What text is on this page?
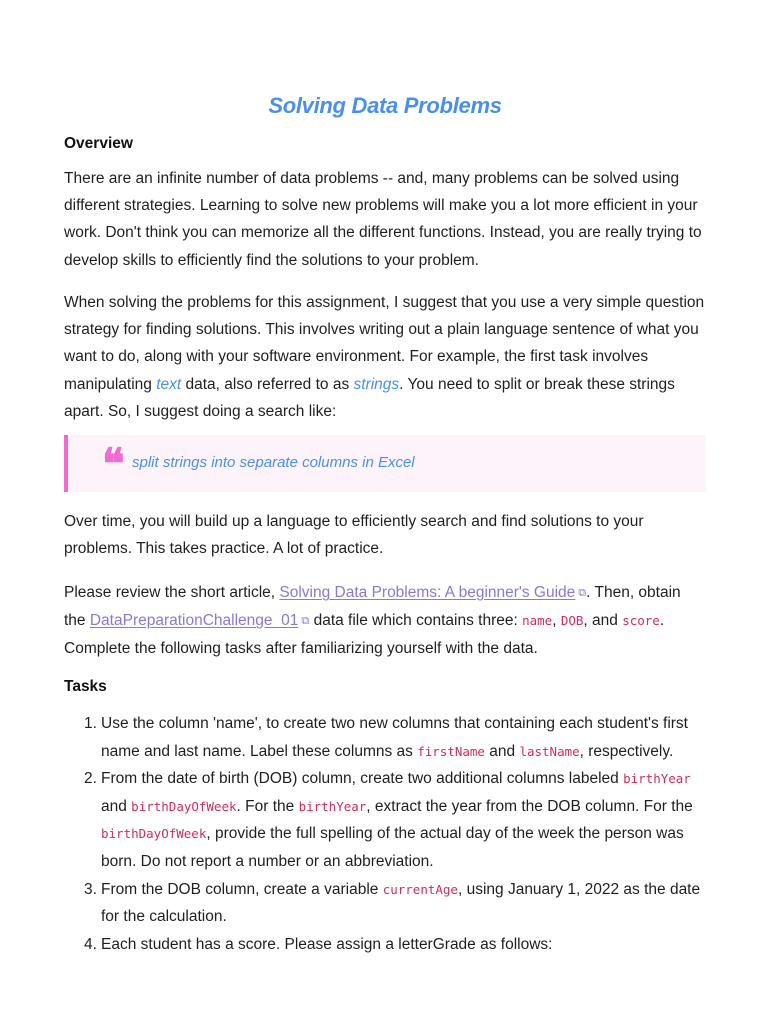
Solving Data Problems
Overview

There are an infinite number of data problems -- and, many problems can be solved using different strategies. Learning to solve new problems will make you a lot more efficient in your work. Don't think you can memorize all the different functions. Instead, you are really trying to develop skills to efficiently find the solutions to your problem.

When solving the problems for this assignment, I suggest that you use a very simple question strategy for finding solutions. This involves writing out a plain language sentence of what you want to do, along with your software environment. For example, the first task involves manipulating text data, also referred to as strings. You need to split or break these strings apart. So, I suggest doing a search like:

❝ split strings into separate columns in Excel

Over time, you will build up a language to efficiently search and find solutions to your problems. This takes practice. A lot of practice.

Please review the short article, Solving Data Problems: A beginner's Guide ⧉. Then, obtain the DataPreparationChallenge_01 ⧉ data file which contains three: name, DOB, and score. Complete the following tasks after familiarizing yourself with the data.

Tasks
1. Use the column 'name', to create two new columns that containing each student's first name and last name. Label these columns as firstName and lastName, respectively.
2. From the date of birth (DOB) column, create two additional columns labeled birthYear and birthDayOfWeek. For the birthYear, extract the year from the DOB column. For the birthDayOfWeek, provide the full spelling of the actual day of the week the person was born. Do not report a number or an abbreviation.
3. From the DOB column, create a variable currentAge, using January 1, 2022 as the date for the calculation.
4. Each student has a score. Please assign a letterGrade as follows:
